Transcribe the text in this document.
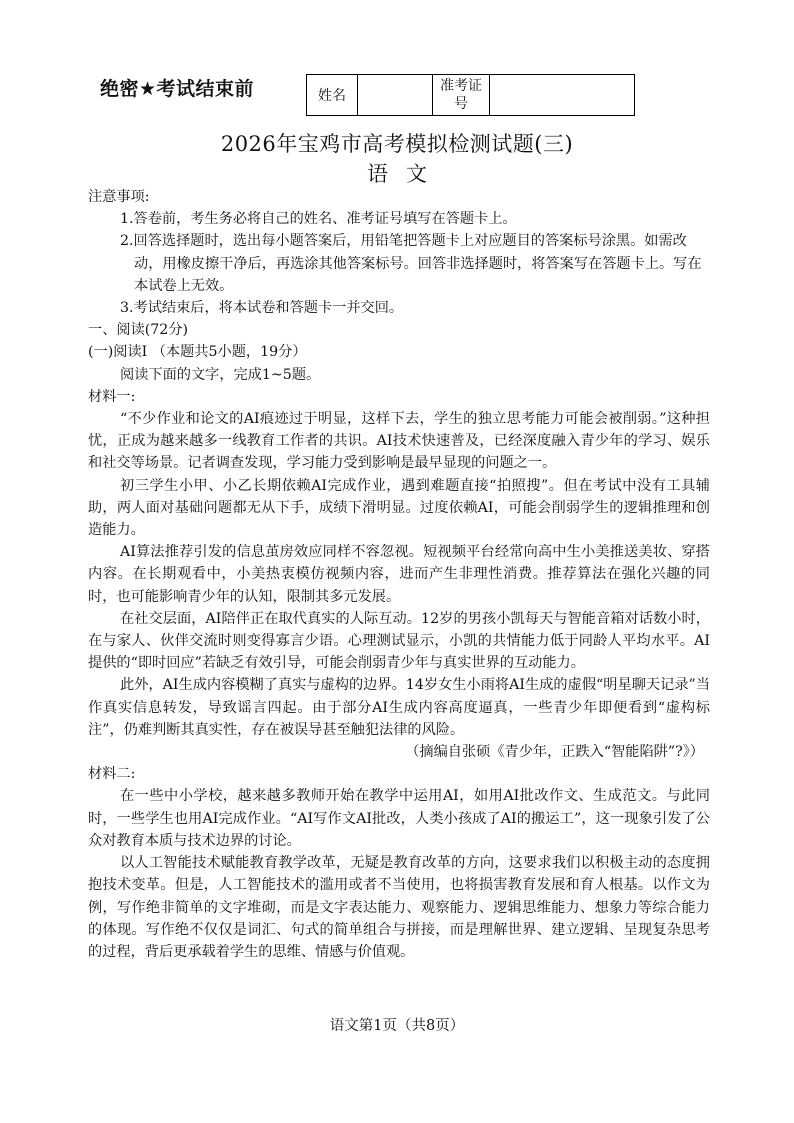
绝密★考试结束前	姓名		准考证号	
2026年宝鸡市高考模拟检测试题(三)
语文

注意事项:

1.答卷前，考生务必将自己的姓名、准考证号填写在答题卡上。

2.回答选择题时，选出每小题答案后，用铅笔把答题卡上对应题目的答案标号涂黑。如需改动，用橡皮擦干净后，再选涂其他答案标号。回答非选择题时，将答案写在答题卡上。写在本试卷上无效。

3.考试结束后，将本试卷和答题卡一并交回。

一、阅读(72分)

(一)阅读I （本题共5小题，19分）

阅读下面的文字，完成1~5题。

材料一:

“不少作业和论文的AI痕迹过于明显，这样下去，学生的独立思考能力可能会被削弱。”这种担忧，正成为越来越多一线教育工作者的共识。AI技术快速普及，已经深度融入青少年的学习、娱乐和社交等场景。记者调查发现，学习能力受到影响是最早显现的问题之一。

初三学生小甲、小乙长期依赖AI完成作业，遇到难题直接“拍照搜”。但在考试中没有工具辅助，两人面对基础问题都无从下手，成绩下滑明显。过度依赖AI，可能会削弱学生的逻辑推理和创造能力。

AI算法推荐引发的信息茧房效应同样不容忽视。短视频平台经常向高中生小美推送美妆、穿搭内容。在长期观看中，小美热衷模仿视频内容，进而产生非理性消费。推荐算法在强化兴趣的同时，也可能影响青少年的认知，限制其多元发展。

在社交层面，AI陪伴正在取代真实的人际互动。12岁的男孩小凯每天与智能音箱对话数小时，在与家人、伙伴交流时则变得寡言少语。心理测试显示，小凯的共情能力低于同龄人平均水平。AI提供的“即时回应”若缺乏有效引导，可能会削弱青少年与真实世界的互动能力。

此外，AI生成内容模糊了真实与虚构的边界。14岁女生小雨将AI生成的虚假“明星聊天记录”当作真实信息转发，导致谣言四起。由于部分AI生成内容高度逼真，一些青少年即便看到“虚构标注”，仍难判断其真实性，存在被误导甚至触犯法律的风险。

（摘编自张硕《青少年，正跌入“智能陷阱”?》）

材料二:

在一些中小学校，越来越多教师开始在教学中运用AI，如用AI批改作文、生成范文。与此同时，一些学生也用AI完成作业。“AI写作文AI批改，人类小孩成了AI的搬运工”，这一现象引发了公众对教育本质与技术边界的讨论。

以人工智能技术赋能教育教学改革，无疑是教育改革的方向，这要求我们以积极主动的态度拥抱技术变革。但是，人工智能技术的滥用或者不当使用，也将损害教育发展和育人根基。以作文为例，写作绝非简单的文字堆砌，而是文字表达能力、观察能力、逻辑思维能力、想象力等综合能力的体现。写作绝不仅仅是词汇、句式的简单组合与拼接，而是理解世界、建立逻辑、呈现复杂思考的过程，背后更承载着学生的思维、情感与价值观。

语文第1页（共8页）
